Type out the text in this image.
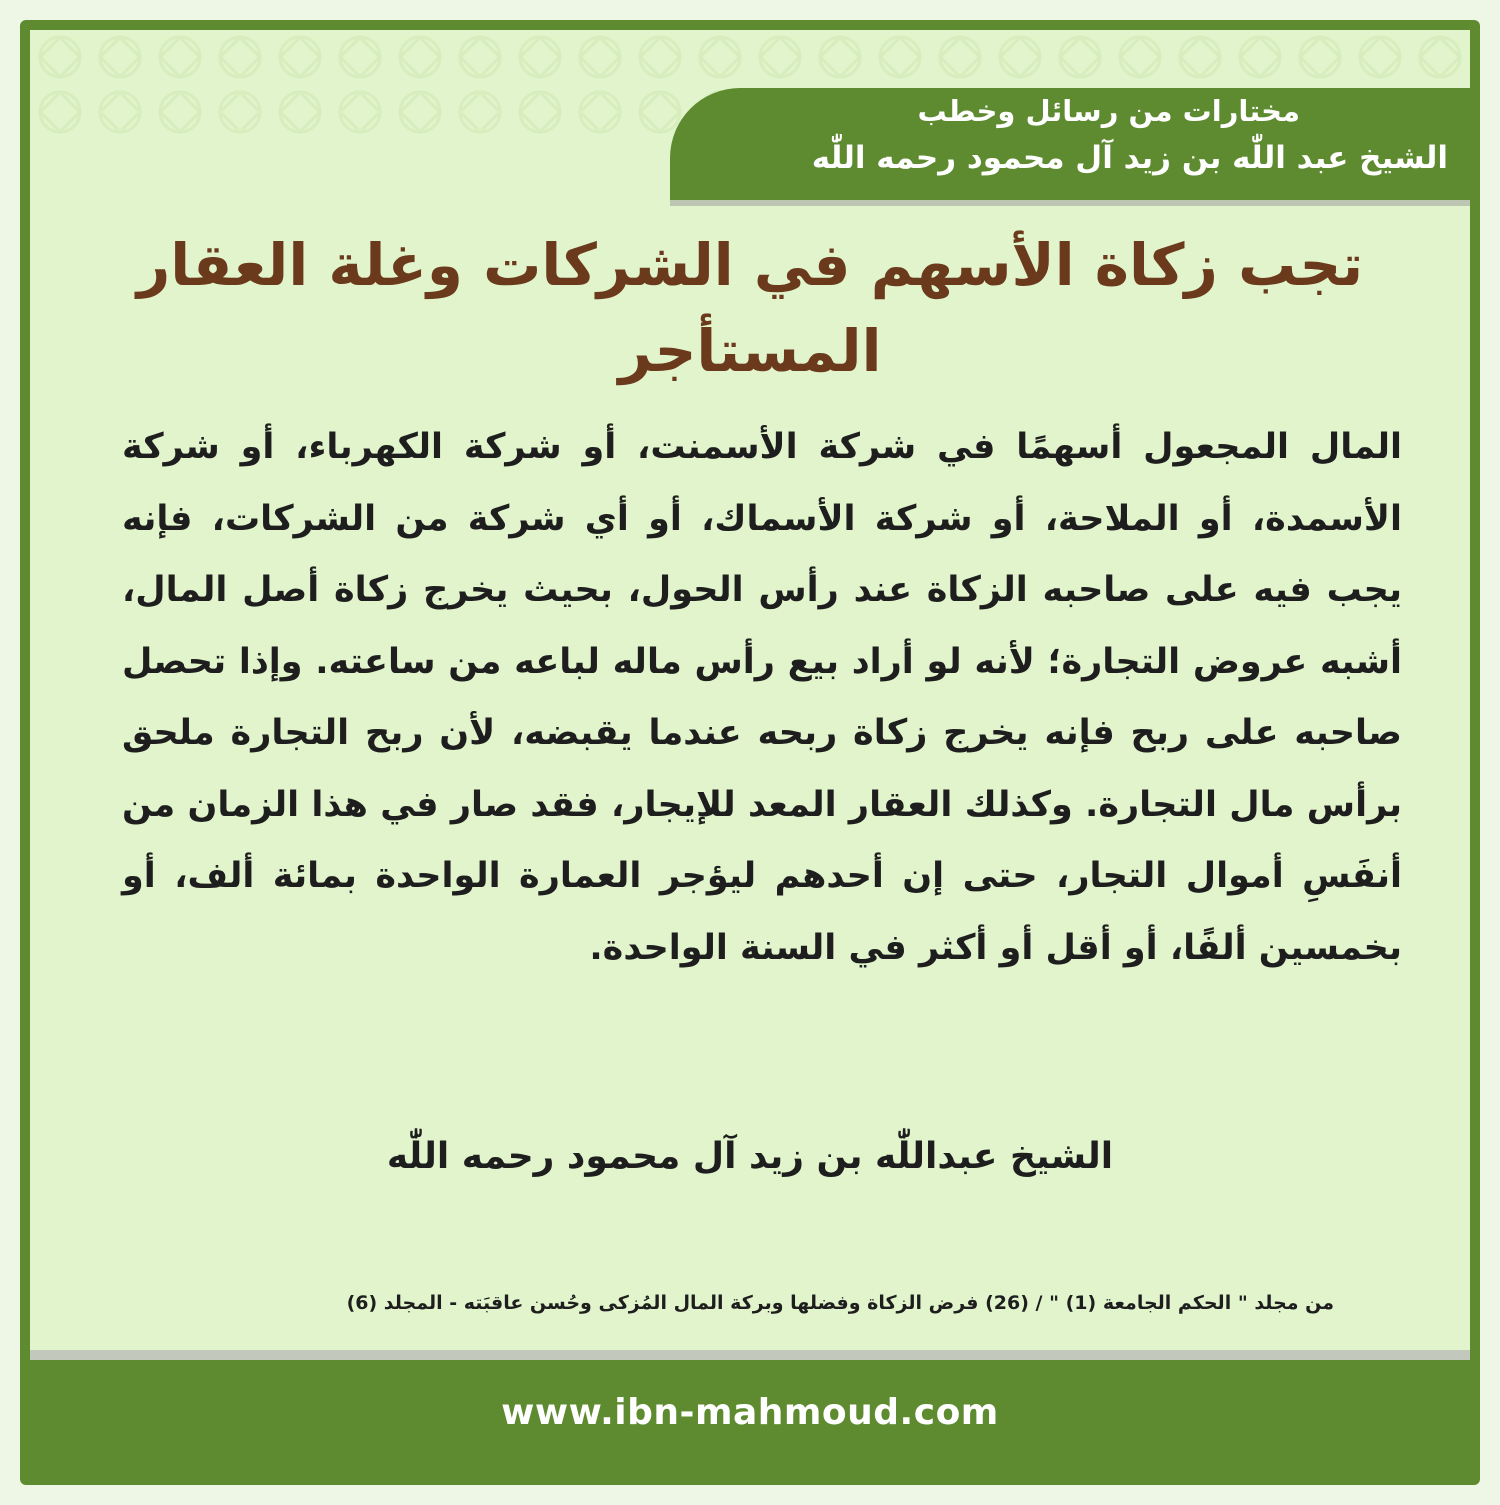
مختارات من رسائل وخطب
الشيخ عبد اللّٰه بن زيد آل محمود رحمه اللّٰه
تجب زكاة الأسهم في الشركات وغلة العقار المستأجر
المال المجعول أسهمًا في شركة الأسمنت، أو شركة الكهرباء، أو شركة الأسمدة، أو الملاحة، أو شركة الأسماك، أو أي شركة من الشركات، فإنه يجب فيه على صاحبه الزكاة عند رأس الحول، بحيث يخرج زكاة أصل المال، أشبه عروض التجارة؛ لأنه لو أراد بيع رأس ماله لباعه من ساعته. وإذا تحصل صاحبه على ربح فإنه يخرج زكاة ربحه عندما يقبضه، لأن ربح التجارة ملحق برأس مال التجارة. وكذلك العقار المعد للإيجار، فقد صار في هذا الزمان من أنفَسِ أموال التجار، حتى إن أحدهم ليؤجر العمارة الواحدة بمائة ألف، أو بخمسين ألفًا، أو أقل أو أكثر في السنة الواحدة.
الشيخ عبداللّٰه بن زيد آل محمود رحمه اللّٰه
من مجلد " الحكم الجامعة (1) " / (26) فرض الزكاة وفضلها وبركة المال المُزكى وحُسن عاقبَته - المجلد (6)
www.ibn-mahmoud.com
